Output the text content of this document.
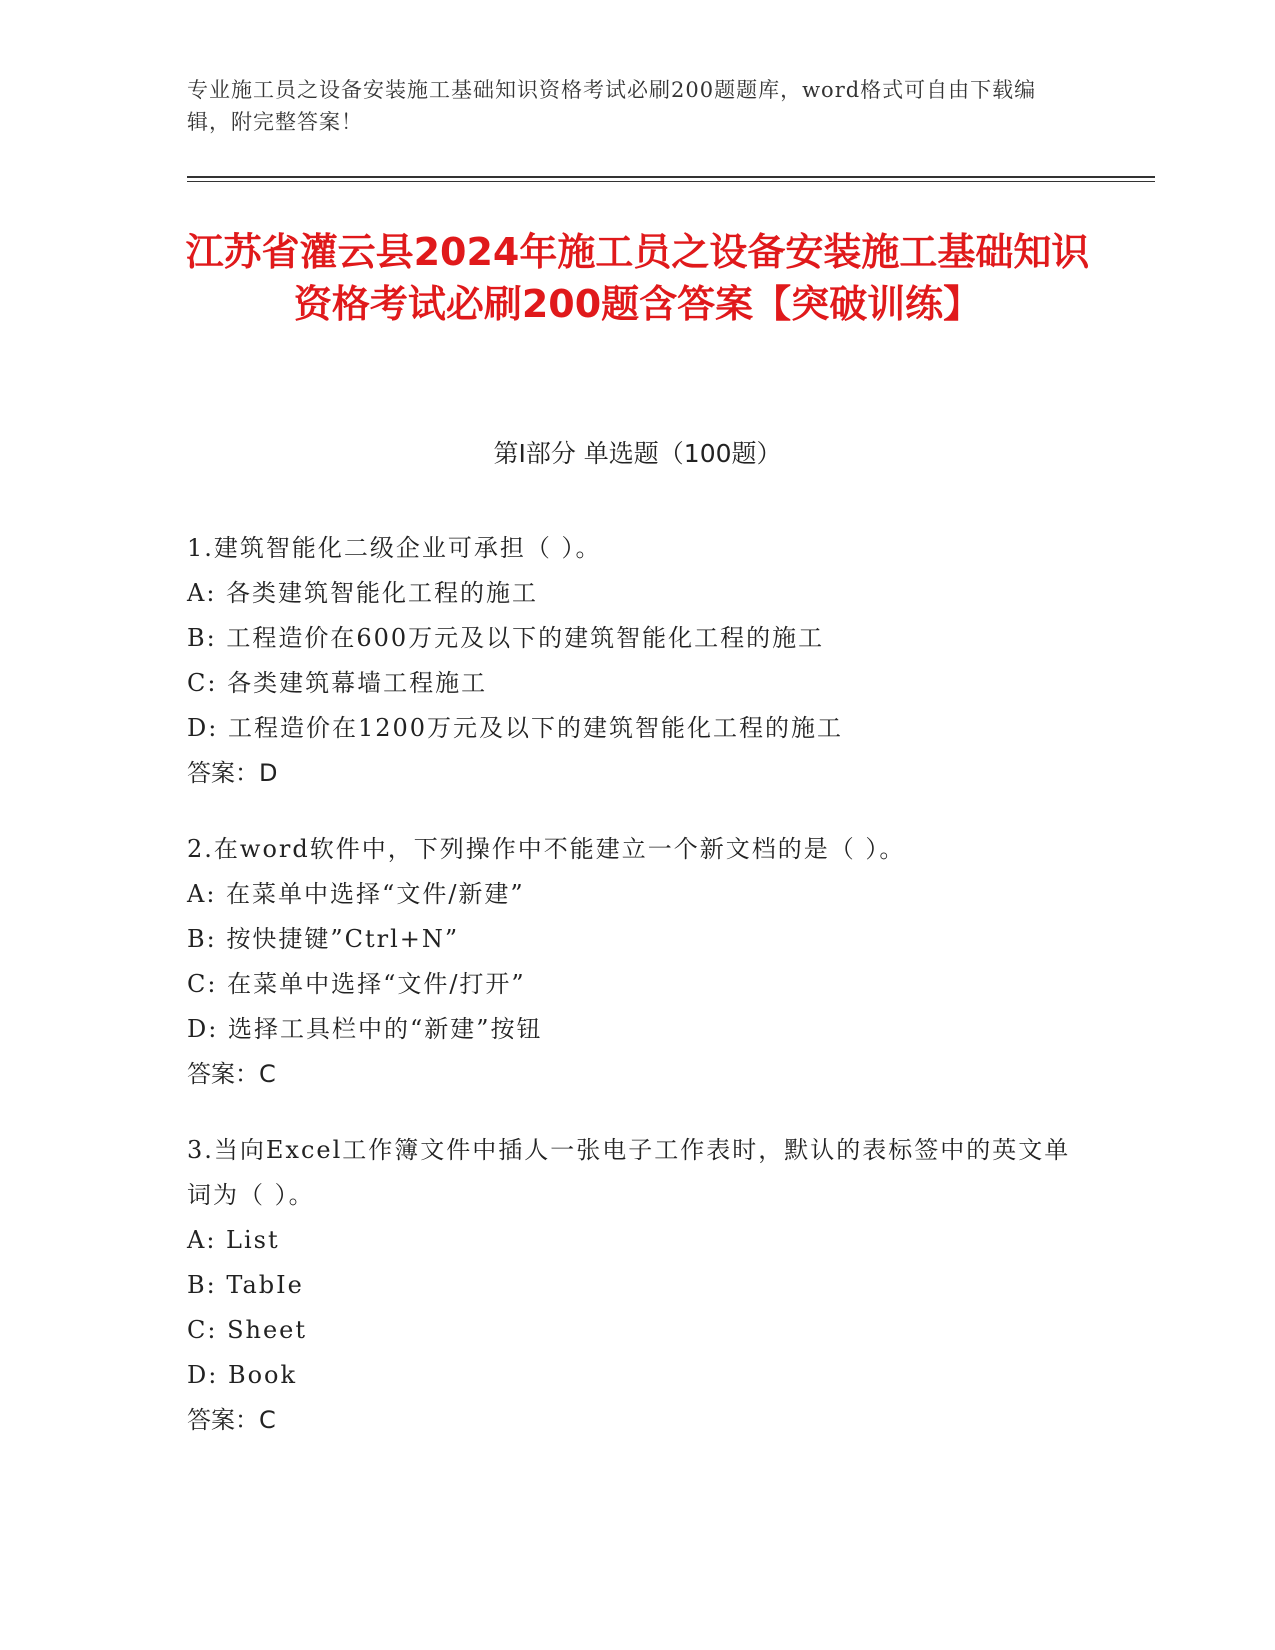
专业施工员之设备安装施工基础知识资格考试必刷200题题库，word格式可自由下载编辑，附完整答案！
江苏省灌云县2024年施工员之设备安装施工基础知识资格考试必刷200题含答案【突破训练】
第Ⅰ部分 单选题（100题）
1.建筑智能化二级企业可承担（ ）。
A: 各类建筑智能化工程的施工
B: 工程造价在600万元及以下的建筑智能化工程的施工
C: 各类建筑幕墙工程施工
D: 工程造价在1200万元及以下的建筑智能化工程的施工
答案：D
2.在word软件中，下列操作中不能建立一个新文档的是（ ）。
A: 在菜单中选择“文件/新建”
B: 按快捷键”Ctrl+N”
C: 在菜单中选择“文件/打开”
D: 选择工具栏中的“新建”按钮
答案：C
3.当向Excel工作簿文件中插人一张电子工作表时，默认的表标签中的英文单词为（ ）。
A: List
B: TabIe
C: Sheet
D: Book
答案：C
